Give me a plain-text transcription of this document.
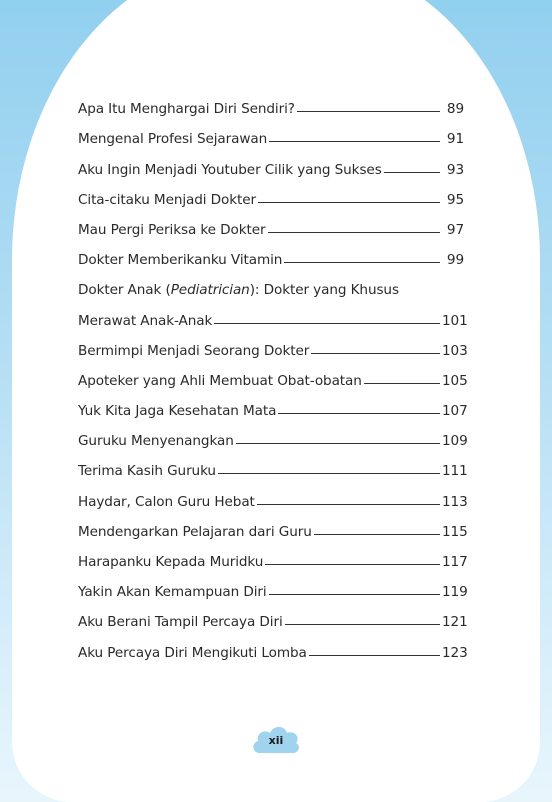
Apa Itu Menghargai Diri Sendiri?	89
Mengenal Profesi Sejarawan	91
Aku Ingin Menjadi Youtuber Cilik yang Sukses	93
Cita-citaku Menjadi Dokter	95
Mau Pergi Periksa ke Dokter	97
Dokter Memberikanku Vitamin	99
Dokter Anak (Pediatrician): Dokter yang Khusus
Merawat Anak-Anak	101
Bermimpi Menjadi Seorang Dokter	103
Apoteker yang Ahli Membuat Obat-obatan	105
Yuk Kita Jaga Kesehatan Mata	107
Guruku Menyenangkan	109
Terima Kasih Guruku	111
Haydar, Calon Guru Hebat	113
Mendengarkan Pelajaran dari Guru	115
Harapanku Kepada Muridku	117
Yakin Akan Kemampuan Diri	119
Aku Berani Tampil Percaya Diri	121
Aku Percaya Diri Mengikuti Lomba	123
xii
